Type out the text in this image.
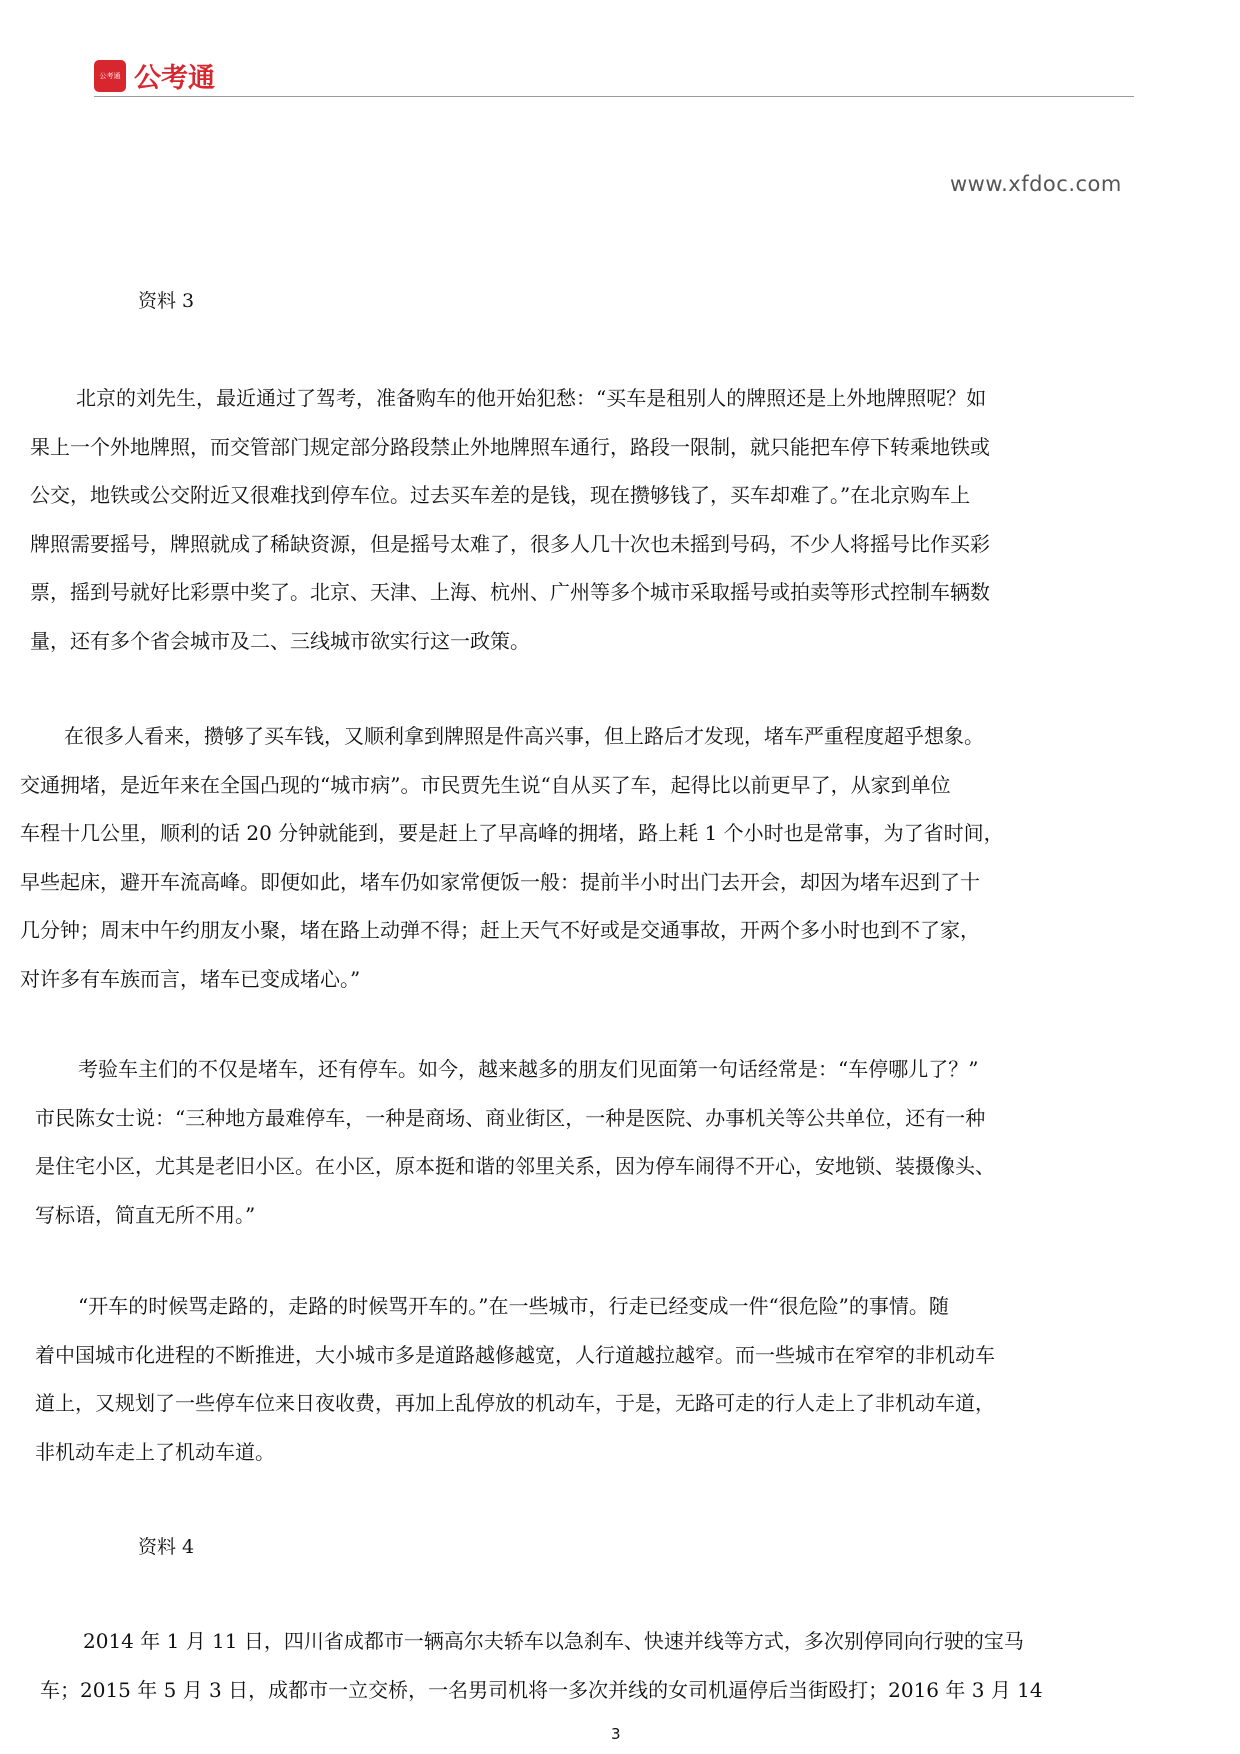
公考通 公考通
www.xfdoc.com
资料 3
北京的刘先生，最近通过了驾考，准备购车的他开始犯愁：“买车是租别人的牌照还是上外地牌照呢？如
果上一个外地牌照，而交管部门规定部分路段禁止外地牌照车通行，路段一限制，就只能把车停下转乘地铁或
公交，地铁或公交附近又很难找到停车位。过去买车差的是钱，现在攒够钱了，买车却难了。”在北京购车上
牌照需要摇号，牌照就成了稀缺资源，但是摇号太难了，很多人几十次也未摇到号码，不少人将摇号比作买彩
票，摇到号就好比彩票中奖了。北京、天津、上海、杭州、广州等多个城市采取摇号或拍卖等形式控制车辆数
量，还有多个省会城市及二、三线城市欲实行这一政策。
在很多人看来，攒够了买车钱，又顺利拿到牌照是件高兴事，但上路后才发现，堵车严重程度超乎想象。
交通拥堵，是近年来在全国凸现的“城市病”。市民贾先生说“自从买了车，起得比以前更早了，从家到单位
车程十几公里，顺利的话 20 分钟就能到，要是赶上了早高峰的拥堵，路上耗 1 个小时也是常事，为了省时间，
早些起床，避开车流高峰。即便如此，堵车仍如家常便饭一般：提前半小时出门去开会，却因为堵车迟到了十
几分钟；周末中午约朋友小聚，堵在路上动弹不得；赶上天气不好或是交通事故，开两个多小时也到不了家，
对许多有车族而言，堵车已变成堵心。”
考验车主们的不仅是堵车，还有停车。如今，越来越多的朋友们见面第一句话经常是：“车停哪儿了？”
市民陈女士说：“三种地方最难停车，一种是商场、商业街区，一种是医院、办事机关等公共单位，还有一种
是住宅小区，尤其是老旧小区。在小区，原本挺和谐的邻里关系，因为停车闹得不开心，安地锁、装摄像头、
写标语，简直无所不用。”
“开车的时候骂走路的，走路的时候骂开车的。”在一些城市，行走已经变成一件“很危险”的事情。随
着中国城市化进程的不断推进，大小城市多是道路越修越宽，人行道越拉越窄。而一些城市在窄窄的非机动车
道上，又规划了一些停车位来日夜收费，再加上乱停放的机动车，于是，无路可走的行人走上了非机动车道，
非机动车走上了机动车道。
资料 4
2014 年 1 月 11 日，四川省成都市一辆高尔夫轿车以急刹车、快速并线等方式，多次别停同向行驶的宝马
车；2015 年 5 月 3 日，成都市一立交桥，一名男司机将一多次并线的女司机逼停后当街殴打；2016 年 3 月 14
3
